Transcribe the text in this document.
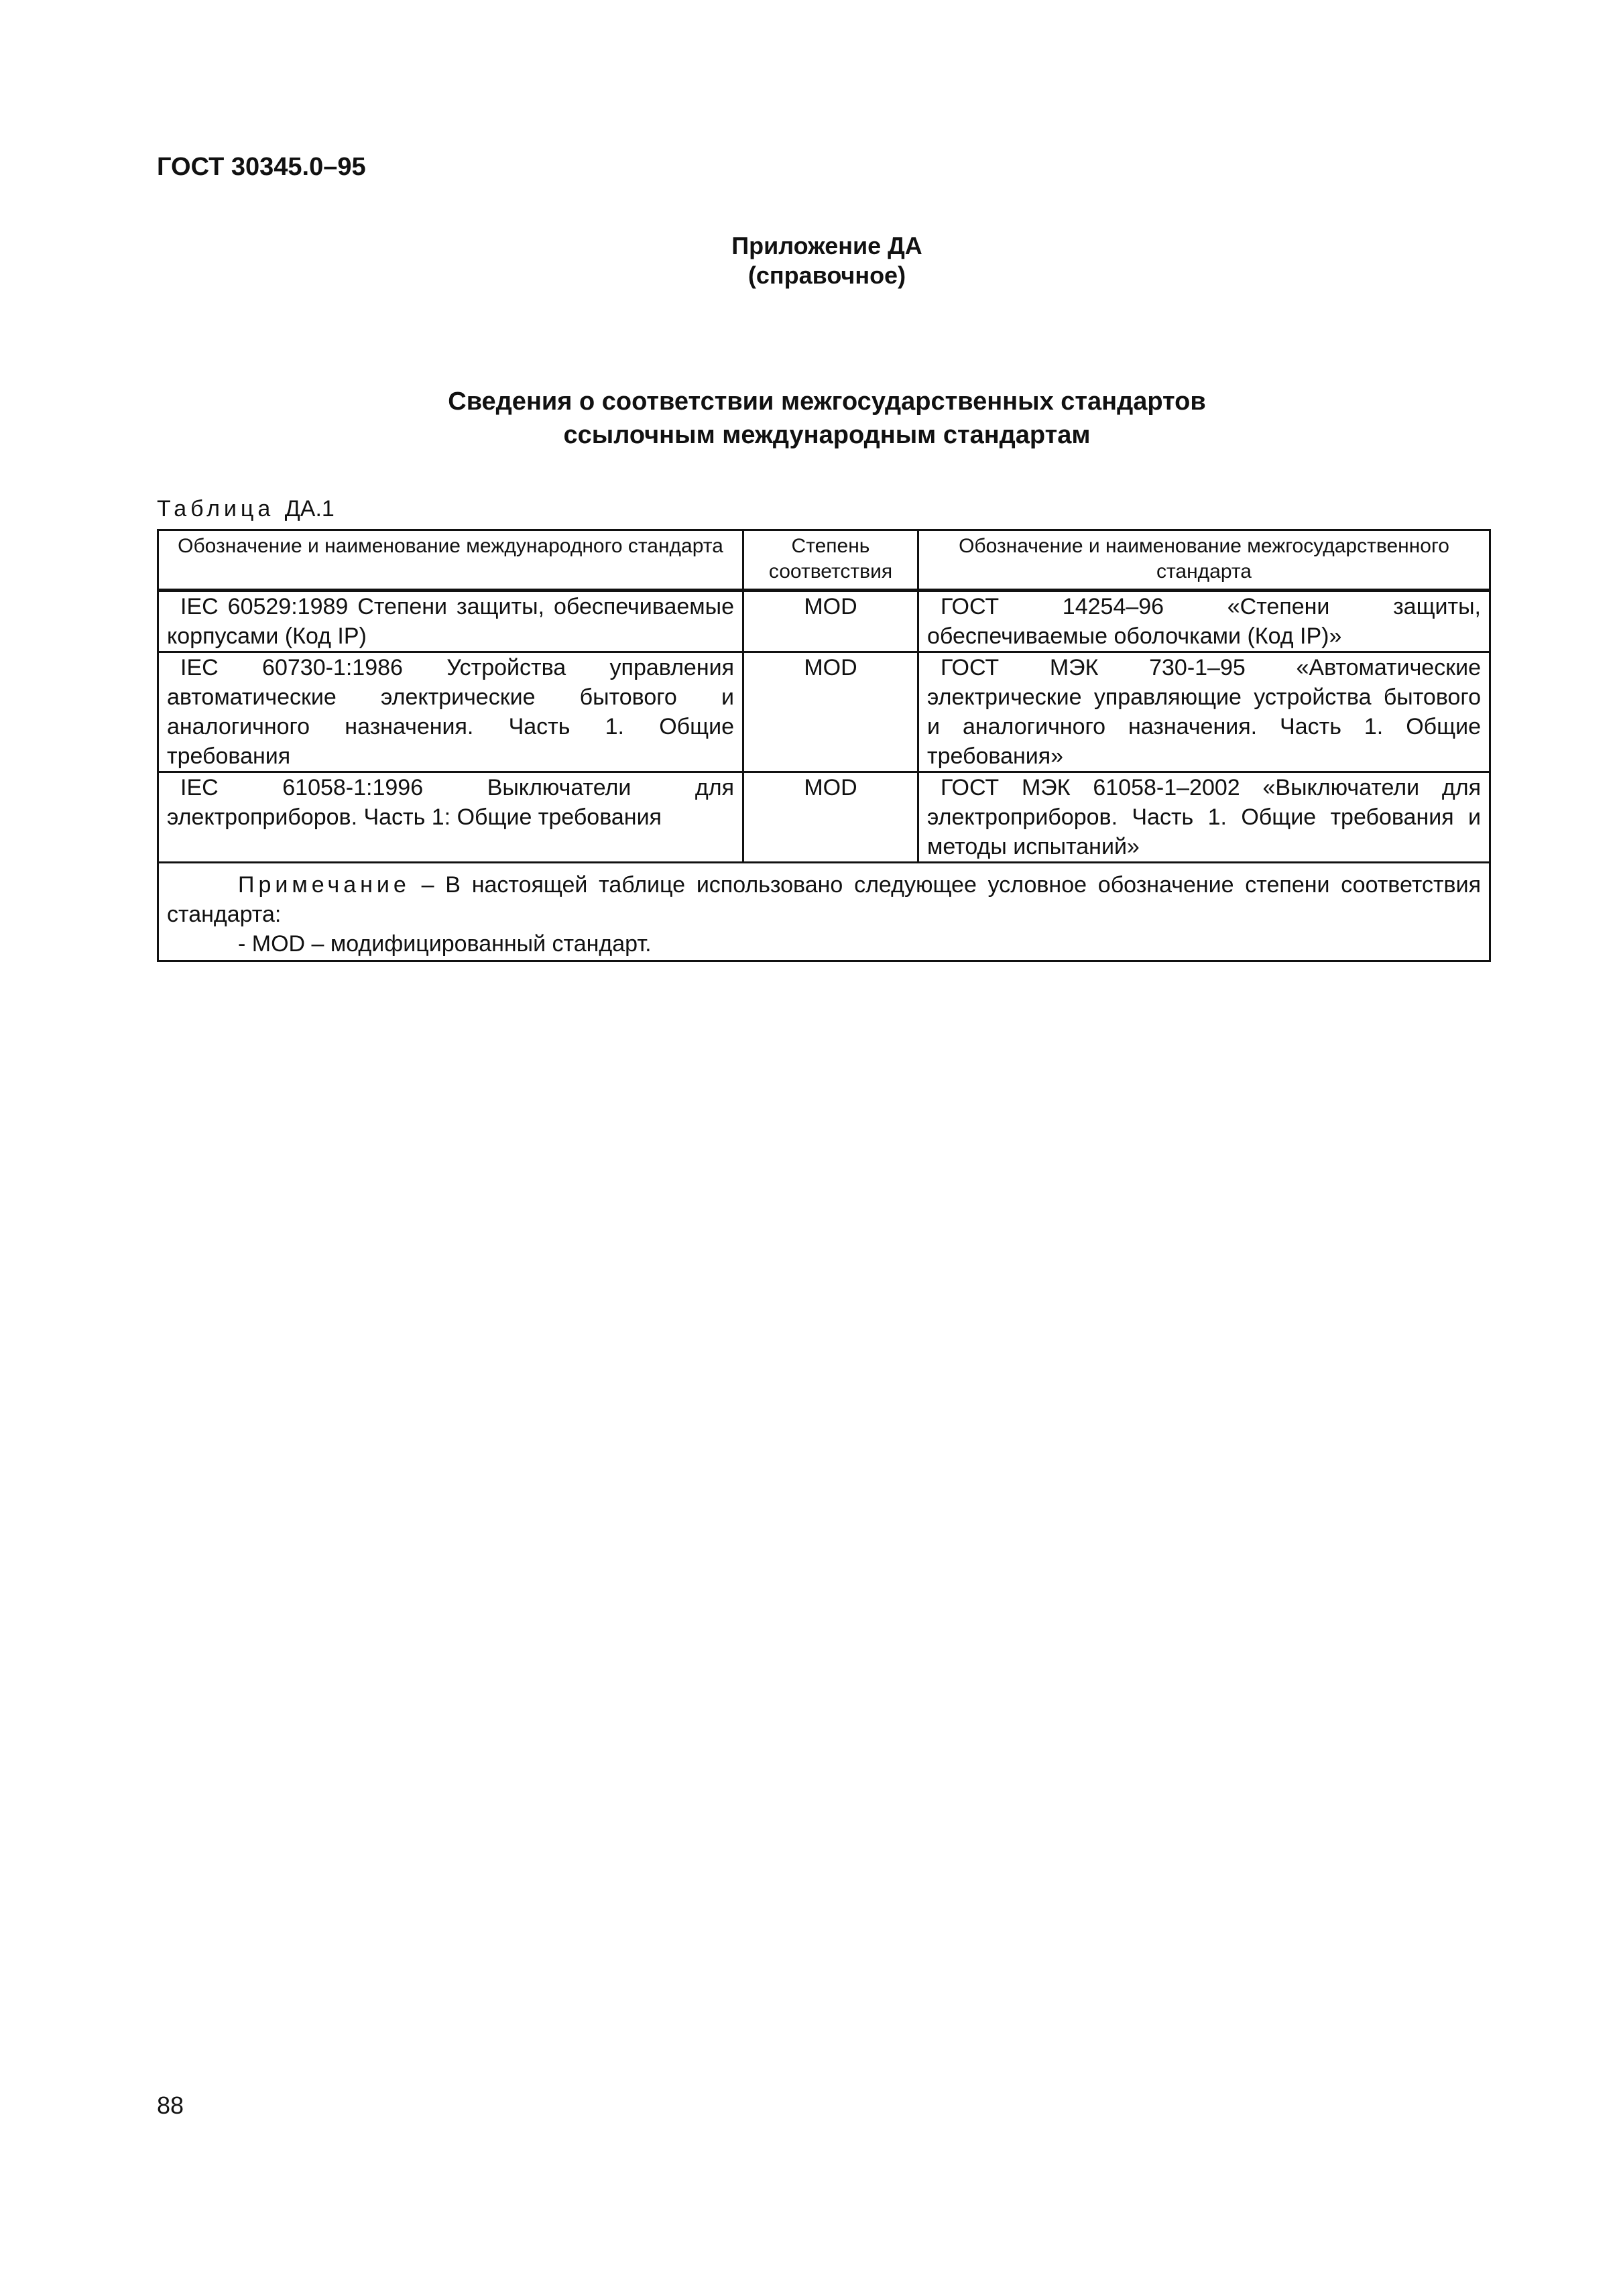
ГОСТ 30345.0–95
Приложение ДА
(справочное)
Сведения о соответствии межгосударственных стандартов
ссылочным международным стандартам
Таблица ДА.1
Обозначение и наименование международного стандарта	Степень соответствия	Обозначение и наименование межгосударственного стандарта
IEC 60529:1989 Степени защиты, обеспечиваемые корпусами (Код IP)	MOD	ГОСТ 14254–96 «Степени защиты, обеспечиваемые оболочками (Код IP)»
IEC 60730-1:1986 Устройства управления автоматические электрические бытового и аналогичного назначения. Часть 1. Общие требования	MOD	ГОСТ МЭК 730-1–95 «Автоматические электрические управляющие устройства бытового и аналогичного назначения. Часть 1. Общие требования»
IEC 61058-1:1996 Выключатели для электроприборов. Часть 1: Общие требования	MOD	ГОСТ МЭК 61058-1–2002 «Выключатели для электроприборов. Часть 1. Общие требования и методы испытаний»

Примечание – В настоящей таблице использовано следующее условное обозначение степени соответствия стандарта:
- MOD – модифицированный стандарт.		
88
